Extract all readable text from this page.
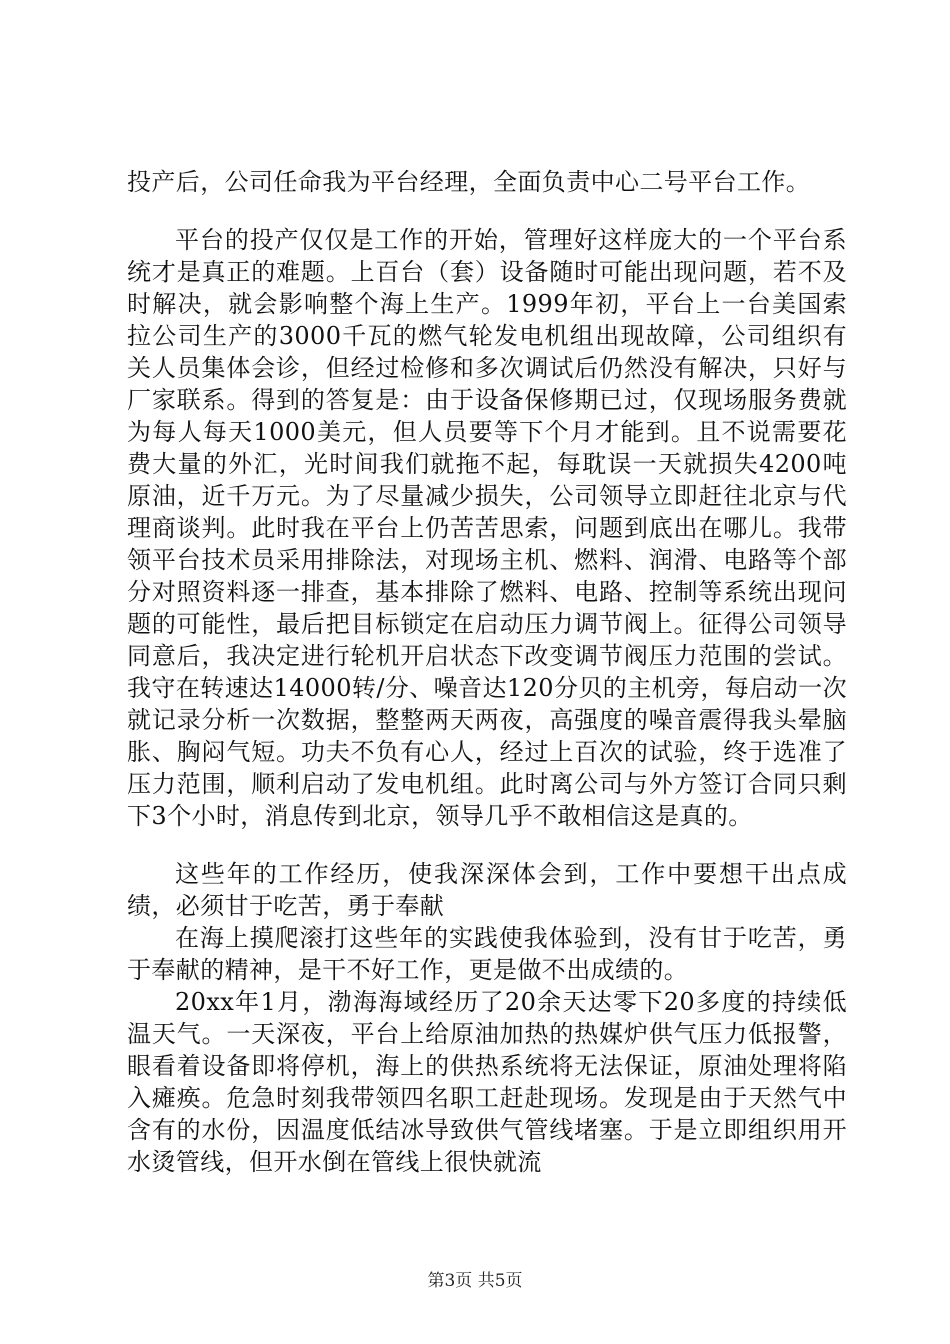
投产后，公司任命我为平台经理，全面负责中心二号平台工作。

平台的投产仅仅是工作的开始，管理好这样庞大的一个平台系统才是真正的难题。上百台（套）设备随时可能出现问题，若不及时解决，就会影响整个海上生产。1999年初，平台上一台美国索拉公司生产的3000千瓦的燃气轮发电机组出现故障，公司组织有关人员集体会诊，但经过检修和多次调试后仍然没有解决，只好与厂家联系。得到的答复是：由于设备保修期已过，仅现场服务费就为每人每天1000美元，但人员要等下个月才能到。且不说需要花费大量的外汇，光时间我们就拖不起，每耽误一天就损失4200吨原油，近千万元。为了尽量减少损失，公司领导立即赶往北京与代理商谈判。此时我在平台上仍苦苦思索，问题到底出在哪儿。我带领平台技术员采用排除法，对现场主机、燃料、润滑、电路等个部分对照资料逐一排查，基本排除了燃料、电路、控制等系统出现问题的可能性，最后把目标锁定在启动压力调节阀上。征得公司领导同意后，我决定进行轮机开启状态下改变调节阀压力范围的尝试。我守在转速达14000转/分、噪音达120分贝的主机旁，每启动一次就记录分析一次数据，整整两天两夜，高强度的噪音震得我头晕脑胀、胸闷气短。功夫不负有心人，经过上百次的试验，终于选准了压力范围，顺利启动了发电机组。此时离公司与外方签订合同只剩下3个小时，消息传到北京，领导几乎不敢相信这是真的。

这些年的工作经历，使我深深体会到，工作中要想干出点成绩，必须甘于吃苦，勇于奉献

在海上摸爬滚打这些年的实践使我体验到，没有甘于吃苦，勇于奉献的精神，是干不好工作，更是做不出成绩的。

20xx年1月，渤海海域经历了20余天达零下20多度的持续低温天气。一天深夜，平台上给原油加热的热媒炉供气压力低报警，眼看着设备即将停机，海上的供热系统将无法保证，原油处理将陷入瘫痪。危急时刻我带领四名职工赶赴现场。发现是由于天然气中含有的水份，因温度低结冰导致供气管线堵塞。于是立即组织用开水烫管线，但开水倒在管线上很快就流

第3页 共5页
